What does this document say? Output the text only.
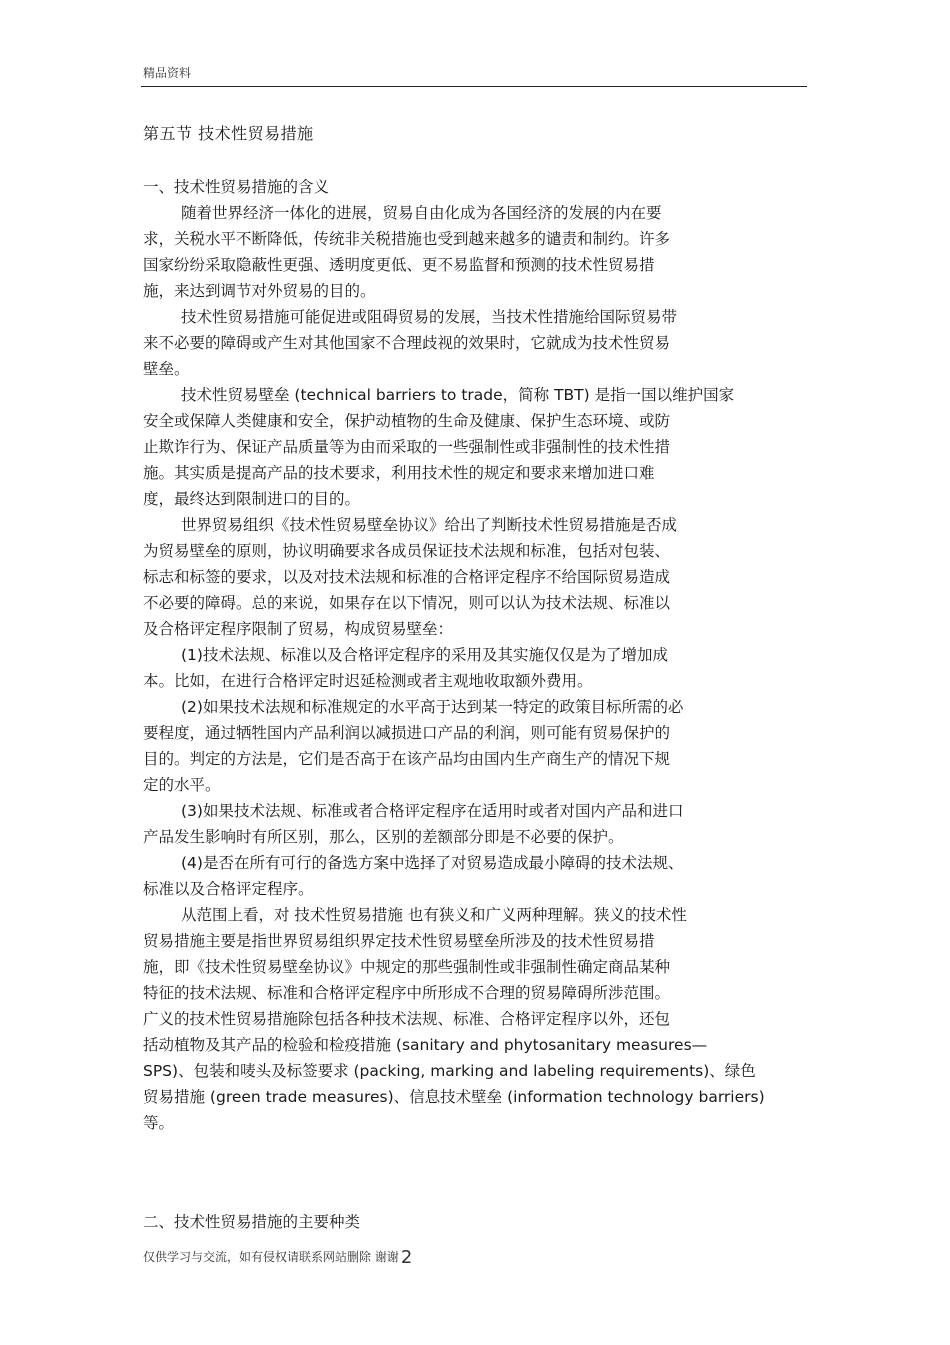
精品资料
第五节 技术性贸易措施
一、技术性贸易措施的含义
随着世界经济一体化的进展，贸易自由化成为各国经济的发展的内在要
求，关税水平不断降低，传统非关税措施也受到越来越多的谴责和制约。许多
国家纷纷采取隐蔽性更强、透明度更低、更不易监督和预测的技术性贸易措
施，来达到调节对外贸易的目的。
技术性贸易措施可能促进或阻碍贸易的发展，当技术性措施给国际贸易带
来不必要的障碍或产生对其他国家不合理歧视的效果时，它就成为技术性贸易
壁垒。
技术性贸易壁垒 (technical barriers to trade，简称 TBT) 是指一国以维护国家
安全或保障人类健康和安全，保护动植物的生命及健康、保护生态环境、或防
止欺诈行为、保证产品质量等为由而采取的一些强制性或非强制性的技术性措
施。其实质是提高产品的技术要求，利用技术性的规定和要求来增加进口难
度，最终达到限制进口的目的。
世界贸易组织《技术性贸易壁垒协议》给出了判断技术性贸易措施是否成
为贸易壁垒的原则，协议明确要求各成员保证技术法规和标准，包括对包装、
标志和标签的要求，以及对技术法规和标准的合格评定程序不给国际贸易造成
不必要的障碍。总的来说，如果存在以下情况，则可以认为技术法规、标准以
及合格评定程序限制了贸易，构成贸易壁垒：
(1)技术法规、标准以及合格评定程序的采用及其实施仅仅是为了增加成
本。比如，在进行合格评定时迟延检测或者主观地收取额外费用。
(2)如果技术法规和标准规定的水平高于达到某一特定的政策目标所需的必
要程度，通过牺牲国内产品利润以减损进口产品的利润，则可能有贸易保护的
目的。判定的方法是，它们是否高于在该产品均由国内生产商生产的情况下规
定的水平。
(3)如果技术法规、标准或者合格评定程序在适用时或者对国内产品和进口
产品发生影响时有所区别，那么，区别的差额部分即是不必要的保护。
(4)是否在所有可行的备选方案中选择了对贸易造成最小障碍的技术法规、
标准以及合格评定程序。
从范围上看，对 技术性贸易措施 也有狭义和广义两种理解。狭义的技术性
贸易措施主要是指世界贸易组织界定技术性贸易壁垒所涉及的技术性贸易措
施，即《技术性贸易壁垒协议》中规定的那些强制性或非强制性确定商品某种
特征的技术法规、标准和合格评定程序中所形成不合理的贸易障碍所涉范围。
广义的技术性贸易措施除包括各种技术法规、标准、合格评定程序以外，还包
括动植物及其产品的检验和检疫措施 (sanitary and phytosanitary measures—
SPS)、包装和唛头及标签要求 (packing, marking and labeling requirements)、绿色
贸易措施 (green trade measures)、信息技术壁垒 (information technology barriers)
等。
二、技术性贸易措施的主要种类
仅供学习与交流，如有侵权请联系网站删除 谢谢 2
